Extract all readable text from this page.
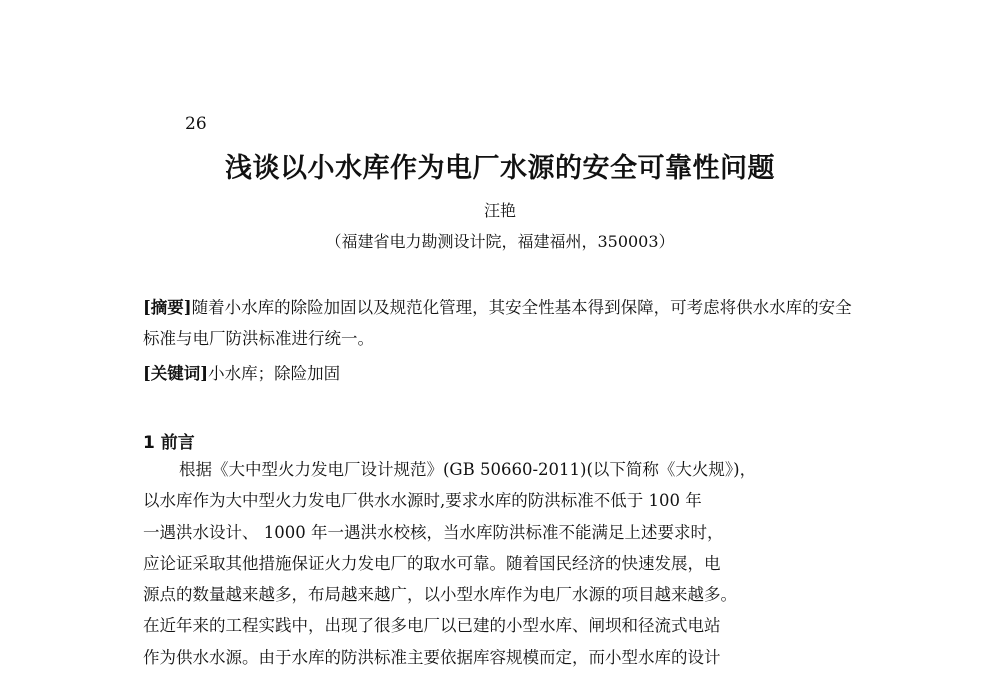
26
浅谈以小水库作为电厂水源的安全可靠性问题
汪艳
（福建省电力勘测设计院，福建福州，350003）
[摘要]随着小水库的除险加固以及规范化管理，其安全性基本得到保障，可考虑将供水水库的安全标准与电厂防洪标准进行统一。
[关键词]小水库；除险加固
1 前言
根据《大中型火力发电厂设计规范》(GB 50660-2011)(以下简称《大火规》)，
以水库作为大中型火力发电厂供水水源时,要求水库的防洪标准不低于 100 年
一遇洪水设计、 1000 年一遇洪水校核，当水库防洪标准不能满足上述要求时，
应论证采取其他措施保证火力发电厂的取水可靠。随着国民经济的快速发展，电
源点的数量越来越多，布局越来越广，以小型水库作为电厂水源的项目越来越多。
在近年来的工程实践中，出现了很多电厂以已建的小型水库、闸坝和径流式电站
作为供水水源。由于水库的防洪标准主要依据库容规模而定，而小型水库的设计
